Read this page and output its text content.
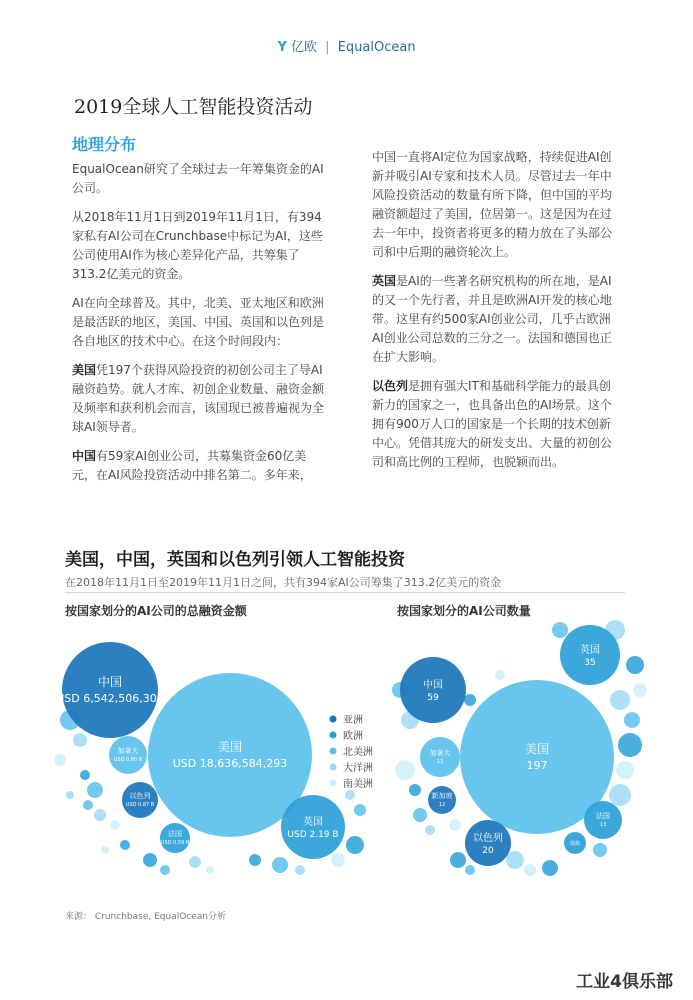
Y 亿欧 | EqualOcean
2019全球人工智能投资活动
地理分布

EqualOcean研究了全球过去一年筹集资金的AI公司。

从2018年11月1日到2019年11月1日，有394家私有AI公司在Crunchbase中标记为AI，这些公司使用AI作为核心差异化产品，共筹集了313.2亿美元的资金。

AI在向全球普及。其中，北美、亚太地区和欧洲是最活跃的地区，美国、中国、英国和以色列是各自地区的技术中心。在这个时间段内：

美国凭197个获得风险投资的初创公司主了导AI融资趋势。就人才库、初创企业数量、融资金额及频率和获利机会而言，该国现已被普遍视为全球AI领导者。

中国有59家AI创业公司，共募集资金60亿美元，在AI风险投资活动中排名第二。多年来，

中国一直将AI定位为国家战略，持续促进AI创新并吸引AI专家和技术人员。尽管过去一年中风险投资活动的数量有所下降，但中国的平均融资额超过了美国，位居第一。这是因为在过去一年中，投资者将更多的精力放在了头部公司和中后期的融资轮次上。

英国是AI的一些著名研究机构的所在地，是AI的又一个先行者，并且是欧洲AI开发的核心地带。这里有约500家AI创业公司，几乎占欧洲AI创业公司总数的三分之一。法国和德国也正在扩大影响。

以色列是拥有强大IT和基础科学能力的最具创新力的国家之一，也具备出色的AI场景。这个拥有900万人口的国家是一个长期的技术创新中心。凭借其庞大的研发支出、大量的初创公司和高比例的工程师，也脱颖而出。

美国，中国，英国和以色列引领人工智能投资
在2018年11月1日至2019年11月1日之间，共有394家AI公司筹集了313.2亿美元的资金
按国家划分的AI公司的总融资金额	按国家划分的AI公司数量
美国
USD 18,636,584,293
中国
USD 6,542,506,300
英国
USD 2.19 B
加拿大
USD 0.80 B
以色列
USD 0.87 B
法国
USD 0.59 B
美国
197
中国
59
英国
35
以色列
20
加拿大
13
法国
13
新加坡
12
瑞典
亚洲
欧洲
北美洲
大洋洲
南美洲
来源： Crunchbase, EqualOcean分析
工业4俱乐部
